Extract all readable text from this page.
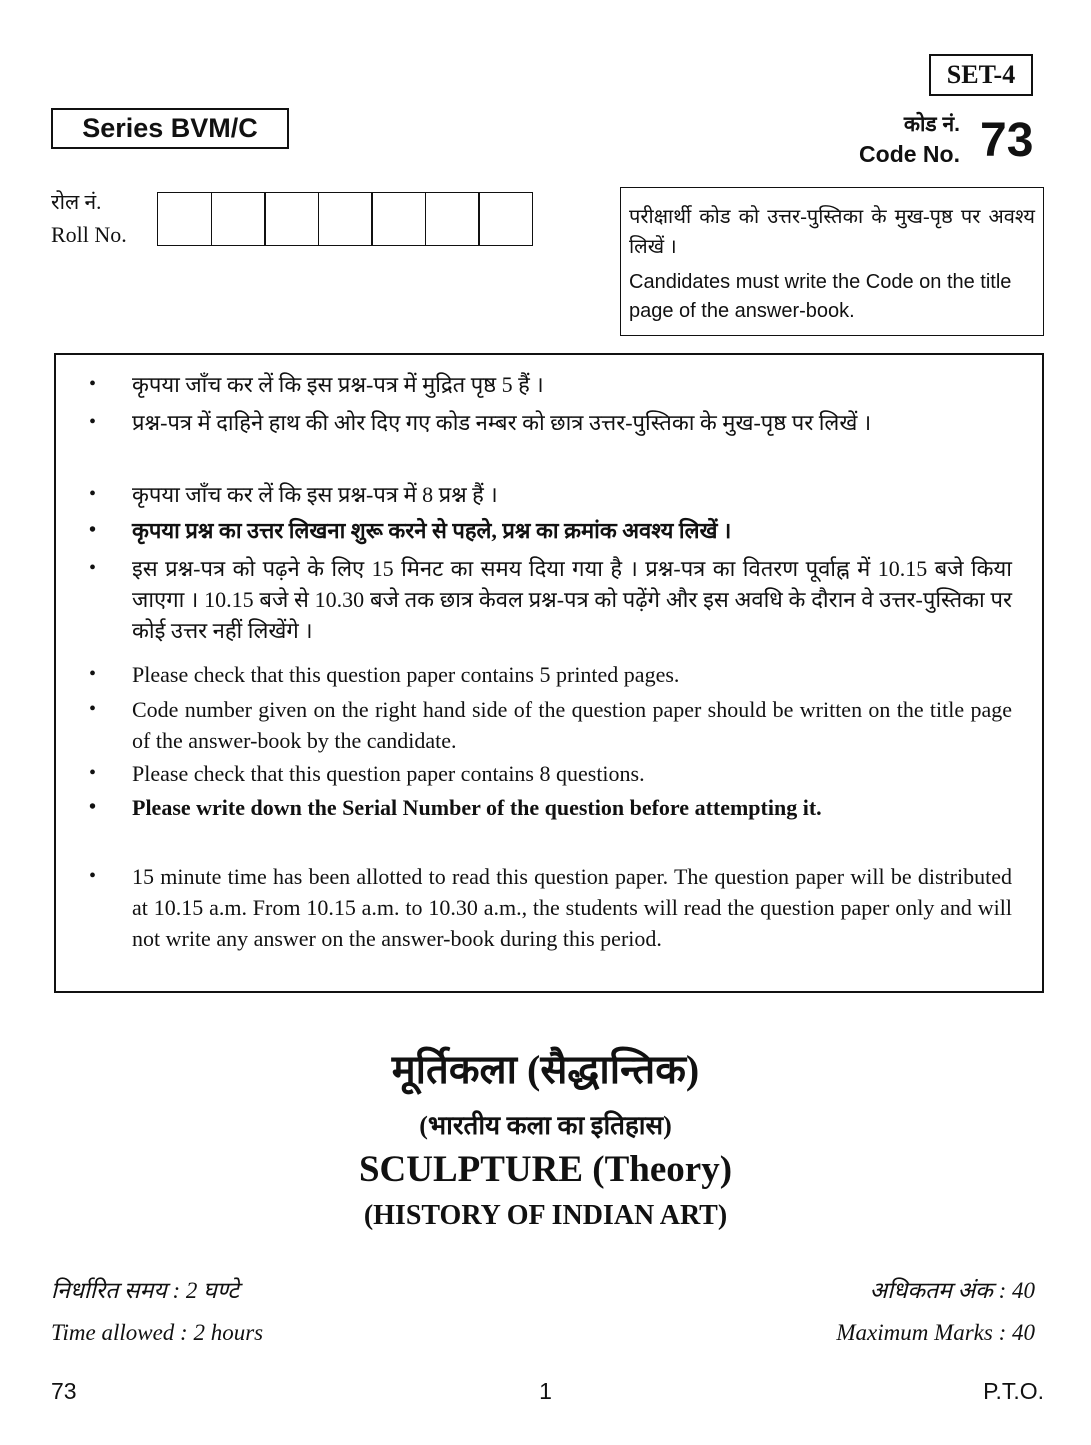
SET-4
Series BVM/C	कोड नं.
Code No. 73
रोल नं.
Roll No.
परीक्षार्थी कोड को उत्तर-पुस्तिका के मुख-पृष्ठ पर अवश्य लिखें ।
Candidates must write the Code on the title page of the answer-book.
• कृपया जाँच कर लें कि इस प्रश्न-पत्र में मुद्रित पृष्ठ 5 हैं ।
• प्रश्न-पत्र में दाहिने हाथ की ओर दिए गए कोड नम्बर को छात्र उत्तर-पुस्तिका के मुख-पृष्ठ पर लिखें ।
• कृपया जाँच कर लें कि इस प्रश्न-पत्र में 8 प्रश्न हैं ।
• कृपया प्रश्न का उत्तर लिखना शुरू करने से पहले, प्रश्न का क्रमांक अवश्य लिखें ।
• इस प्रश्न-पत्र को पढ़ने के लिए 15 मिनट का समय दिया गया है । प्रश्न-पत्र का वितरण पूर्वाह्न में 10.15 बजे किया जाएगा । 10.15 बजे से 10.30 बजे तक छात्र केवल प्रश्न-पत्र को पढ़ेंगे और इस अवधि के दौरान वे उत्तर-पुस्तिका पर कोई उत्तर नहीं लिखेंगे ।
• Please check that this question paper contains 5 printed pages.
• Code number given on the right hand side of the question paper should be written on the title page of the answer-book by the candidate.
• Please check that this question paper contains 8 questions.
• Please write down the Serial Number of the question before attempting it.
• 15 minute time has been allotted to read this question paper. The question paper will be distributed at 10.15 a.m. From 10.15 a.m. to 10.30 a.m., the students will read the question paper only and will not write any answer on the answer-book during this period.
मूर्तिकला (सैद्धान्तिक)
(भारतीय कला का इतिहास)
SCULPTURE (Theory)
(HISTORY OF INDIAN ART)
निर्धारित समय : 2 घण्टे
Time allowed : 2 hours
अधिकतम अंक : 40
Maximum Marks : 40
73	1	P.T.O.
